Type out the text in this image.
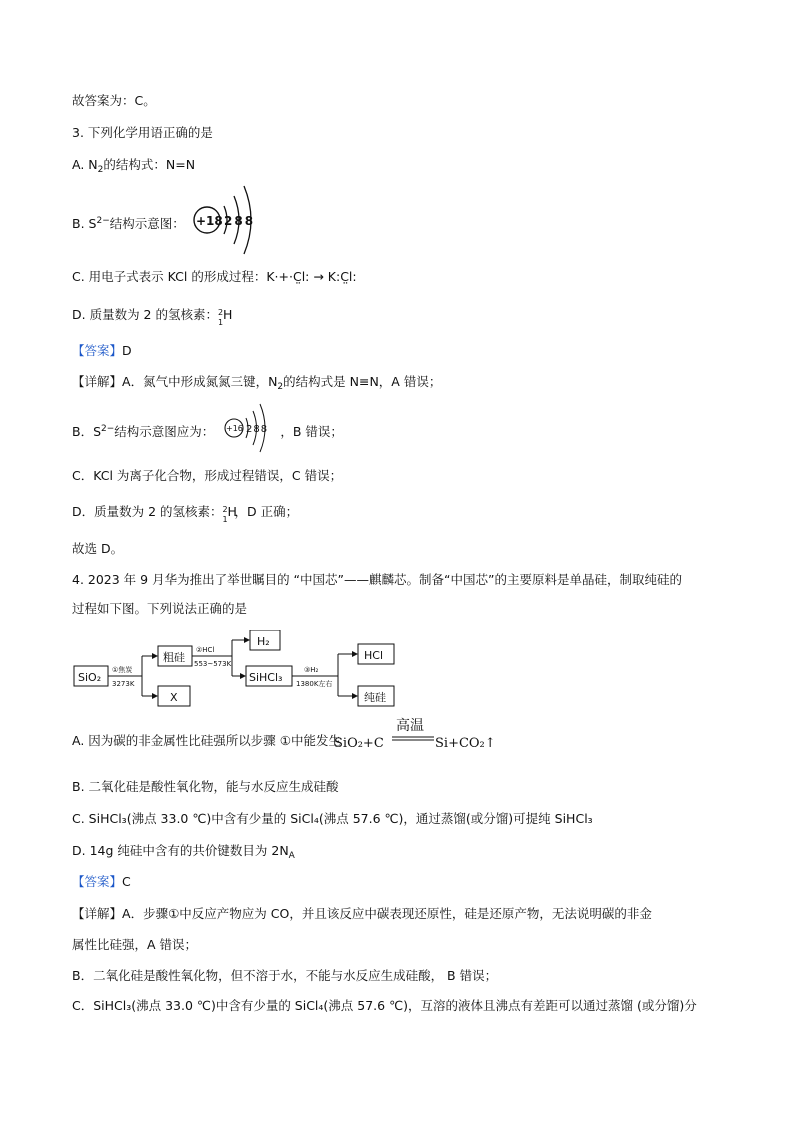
故答案为：C。
3. 下列化学用语正确的是
A. $N_2$的结构式：N=N
B. $S^{2-}$结构示意图： +18 288
C. 用电子式表示 KCl 的形成过程：K·+·C̤l: → K:C̤l:
D. 质量数为 2 的氢核素： 2
1
H
【答案】D
【详解】A．氮气中形成氮氮三键，$N_2$的结构式是 N≡N，A 错误；
B．$S^{2-}$结构示意图应为：	，B 错误；
+16 288
C．KCl 为离子化合物，形成过程错误，C 错误；
D．质量数为 2 的氢核素： 2
1
H
，D 正确；
故选 D。
4. 2023 年 9 月华为推出了举世瞩目的 “中国芯”——麒麟芯。制备“中国芯”的主要原料是单晶硅，制取纯硅的
过程如下图。下列说法正确的是
SiO₂
①焦炭
3273K
粗硅
X
②HCl
553~573K
H₂
SiHCl₃
③H₂
1380K左右
HCl
纯硅
A. 因为碳的非金属性比硅强所以步骤 ①中能发生
SiO₂+C
高温
Si+CO₂↑
B. 二氧化硅是酸性氧化物，能与水反应生成硅酸
C. SiHCl₃(沸点 33.0 ℃)中含有少量的 SiCl₄(沸点 57.6 ℃)，通过蒸馏(或分馏)可提纯 SiHCl₃
D. 14g 纯硅中含有的共价键数目为 $2N_A$
【答案】C
【详解】A．步骤①中反应产物应为 CO，并且该反应中碳表现还原性，硅是还原产物，无法说明碳的非金
属性比硅强，A 错误；
B．二氧化硅是酸性氧化物，但不溶于水，不能与水反应生成硅酸， B 错误；
C．SiHCl₃(沸点 33.0 ℃)中含有少量的 SiCl₄(沸点 57.6 ℃)，互溶的液体且沸点有差距可以通过蒸馏 (或分馏)分
